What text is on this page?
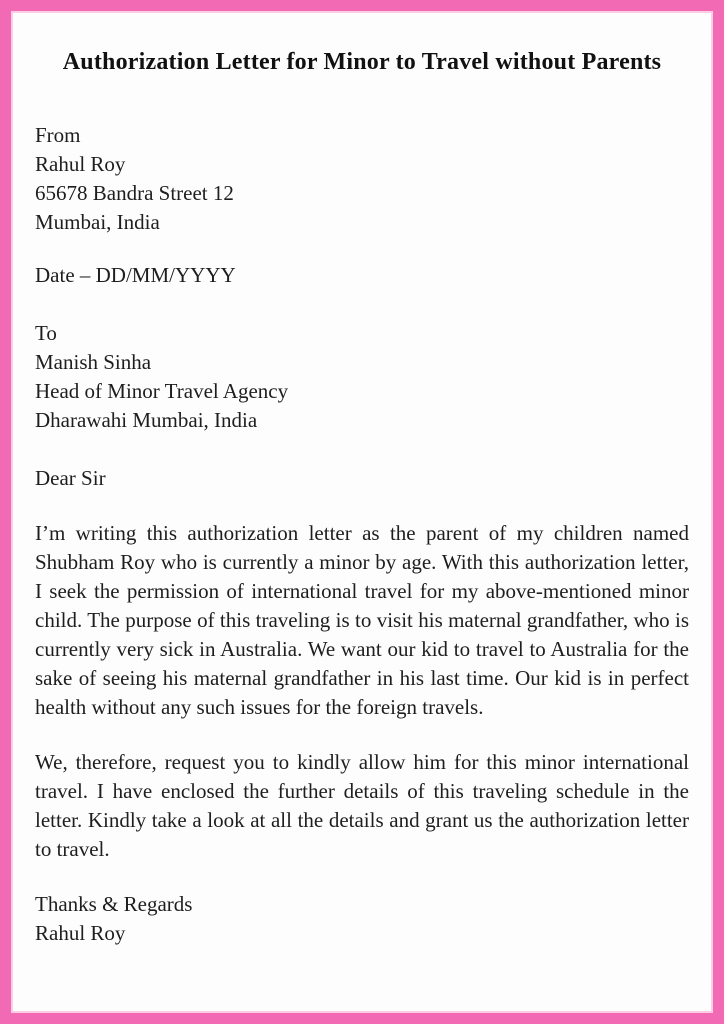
Authorization Letter for Minor to Travel without Parents
From
Rahul Roy
65678 Bandra Street 12
Mumbai, India
Date – DD/MM/YYYY
To
Manish Sinha
Head of Minor Travel Agency
Dharawahi Mumbai, India
Dear Sir

I’m writing this authorization letter as the parent of my children named Shubham Roy who is currently a minor by age. With this authorization letter, I seek the permission of international travel for my above-mentioned minor child. The purpose of this traveling is to visit his maternal grandfather, who is currently very sick in Australia. We want our kid to travel to Australia for the sake of seeing his maternal grandfather in his last time. Our kid is in perfect health without any such issues for the foreign travels.

We, therefore, request you to kindly allow him for this minor international travel. I have enclosed the further details of this traveling schedule in the letter. Kindly take a look at all the details and grant us the authorization letter to travel.

Thanks & Regards
Rahul Roy
